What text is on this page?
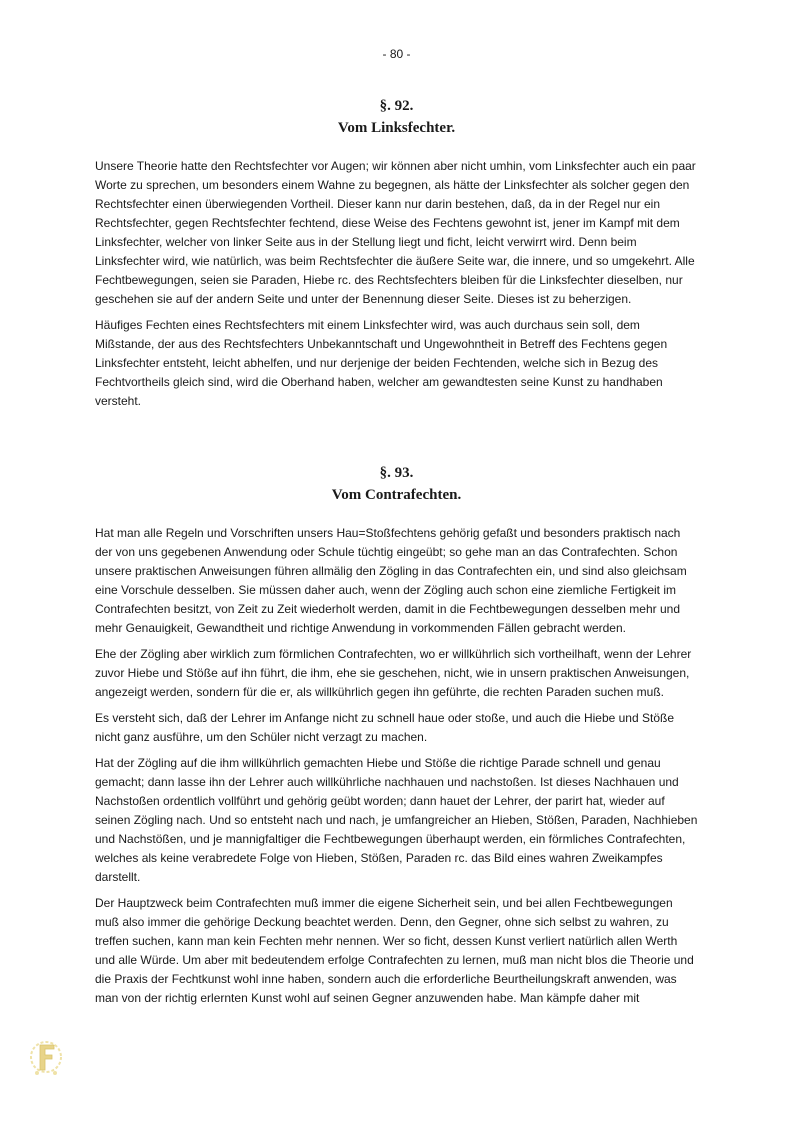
- 80 -
§. 92.
Vom Linksfechter.

Unsere Theorie hatte den Rechtsfechter vor Augen; wir können aber nicht umhin, vom Linksfechter auch ein paar Worte zu sprechen, um besonders einem Wahne zu begegnen, als hätte der Linksfechter als solcher gegen den Rechtsfechter einen überwiegenden Vortheil. Dieser kann nur darin bestehen, daß, da in der Regel nur ein Rechtsfechter, gegen Rechtsfechter fechtend, diese Weise des Fechtens gewohnt ist, jener im Kampf mit dem Linksfechter, welcher von linker Seite aus in der Stellung liegt und ficht, leicht verwirrt wird. Denn beim Linksfechter wird, wie natürlich, was beim Rechtsfechter die äußere Seite war, die innere, und so umgekehrt. Alle Fechtbewegungen, seien sie Paraden, Hiebe rc. des Rechtsfechters bleiben für die Linksfechter dieselben, nur geschehen sie auf der andern Seite und unter der Benennung dieser Seite. Dieses ist zu beherzigen.

Häufiges Fechten eines Rechtsfechters mit einem Linksfechter wird, was auch durchaus sein soll, dem Mißstande, der aus des Rechtsfechters Unbekanntschaft und Ungewohntheit in Betreff des Fechtens gegen Linksfechter entsteht, leicht abhelfen, und nur derjenige der beiden Fechtenden, welche sich in Bezug des Fechtvortheils gleich sind, wird die Oberhand haben, welcher am gewandtesten seine Kunst zu handhaben versteht.

§. 93.
Vom Contrafechten.

Hat man alle Regeln und Vorschriften unsers Hau=Stoßfechtens gehörig gefaßt und besonders praktisch nach der von uns gegebenen Anwendung oder Schule tüchtig eingeübt; so gehe man an das Contrafechten. Schon unsere praktischen Anweisungen führen allmälig den Zögling in das Contrafechten ein, und sind also gleichsam eine Vorschule desselben. Sie müssen daher auch, wenn der Zögling auch schon eine ziemliche Fertigkeit im Contrafechten besitzt, von Zeit zu Zeit wiederholt werden, damit in die Fechtbewegungen desselben mehr und mehr Genauigkeit, Gewandtheit und richtige Anwendung in vorkommenden Fällen gebracht werden.

Ehe der Zögling aber wirklich zum förmlichen Contrafechten, wo er willkührlich sich vortheilhaft, wenn der Lehrer zuvor Hiebe und Stöße auf ihn führt, die ihm, ehe sie geschehen, nicht, wie in unsern praktischen Anweisungen, angezeigt werden, sondern für die er, als willkührlich gegen ihn geführte, die rechten Paraden suchen muß.

Es versteht sich, daß der Lehrer im Anfange nicht zu schnell haue oder stoße, und auch die Hiebe und Stöße nicht ganz ausführe, um den Schüler nicht verzagt zu machen.

Hat der Zögling auf die ihm willkührlich gemachten Hiebe und Stöße die richtige Parade schnell und genau gemacht; dann lasse ihn der Lehrer auch willkührliche nachhauen und nachstoßen. Ist dieses Nachhauen und Nachstoßen ordentlich vollführt und gehörig geübt worden; dann hauet der Lehrer, der parirt hat, wieder auf seinen Zögling nach. Und so entsteht nach und nach, je umfangreicher an Hieben, Stößen, Paraden, Nachhieben und Nachstößen, und je mannigfaltiger die Fechtbewegungen überhaupt werden, ein förmliches Contrafechten, welches als keine verabredete Folge von Hieben, Stößen, Paraden rc. das Bild eines wahren Zweikampfes darstellt.

Der Hauptzweck beim Contrafechten muß immer die eigene Sicherheit sein, und bei allen Fechtbewegungen muß also immer die gehörige Deckung beachtet werden. Denn, den Gegner, ohne sich selbst zu wahren, zu treffen suchen, kann man kein Fechten mehr nennen. Wer so ficht, dessen Kunst verliert natürlich allen Werth und alle Würde. Um aber mit bedeutendem erfolge Contrafechten zu lernen, muß man nicht blos die Theorie und die Praxis der Fechtkunst wohl inne haben, sondern auch die erforderliche Beurtheilungskraft anwenden, was man von der richtig erlernten Kunst wohl auf seinen Gegner anzuwenden habe. Man kämpfe daher mit
